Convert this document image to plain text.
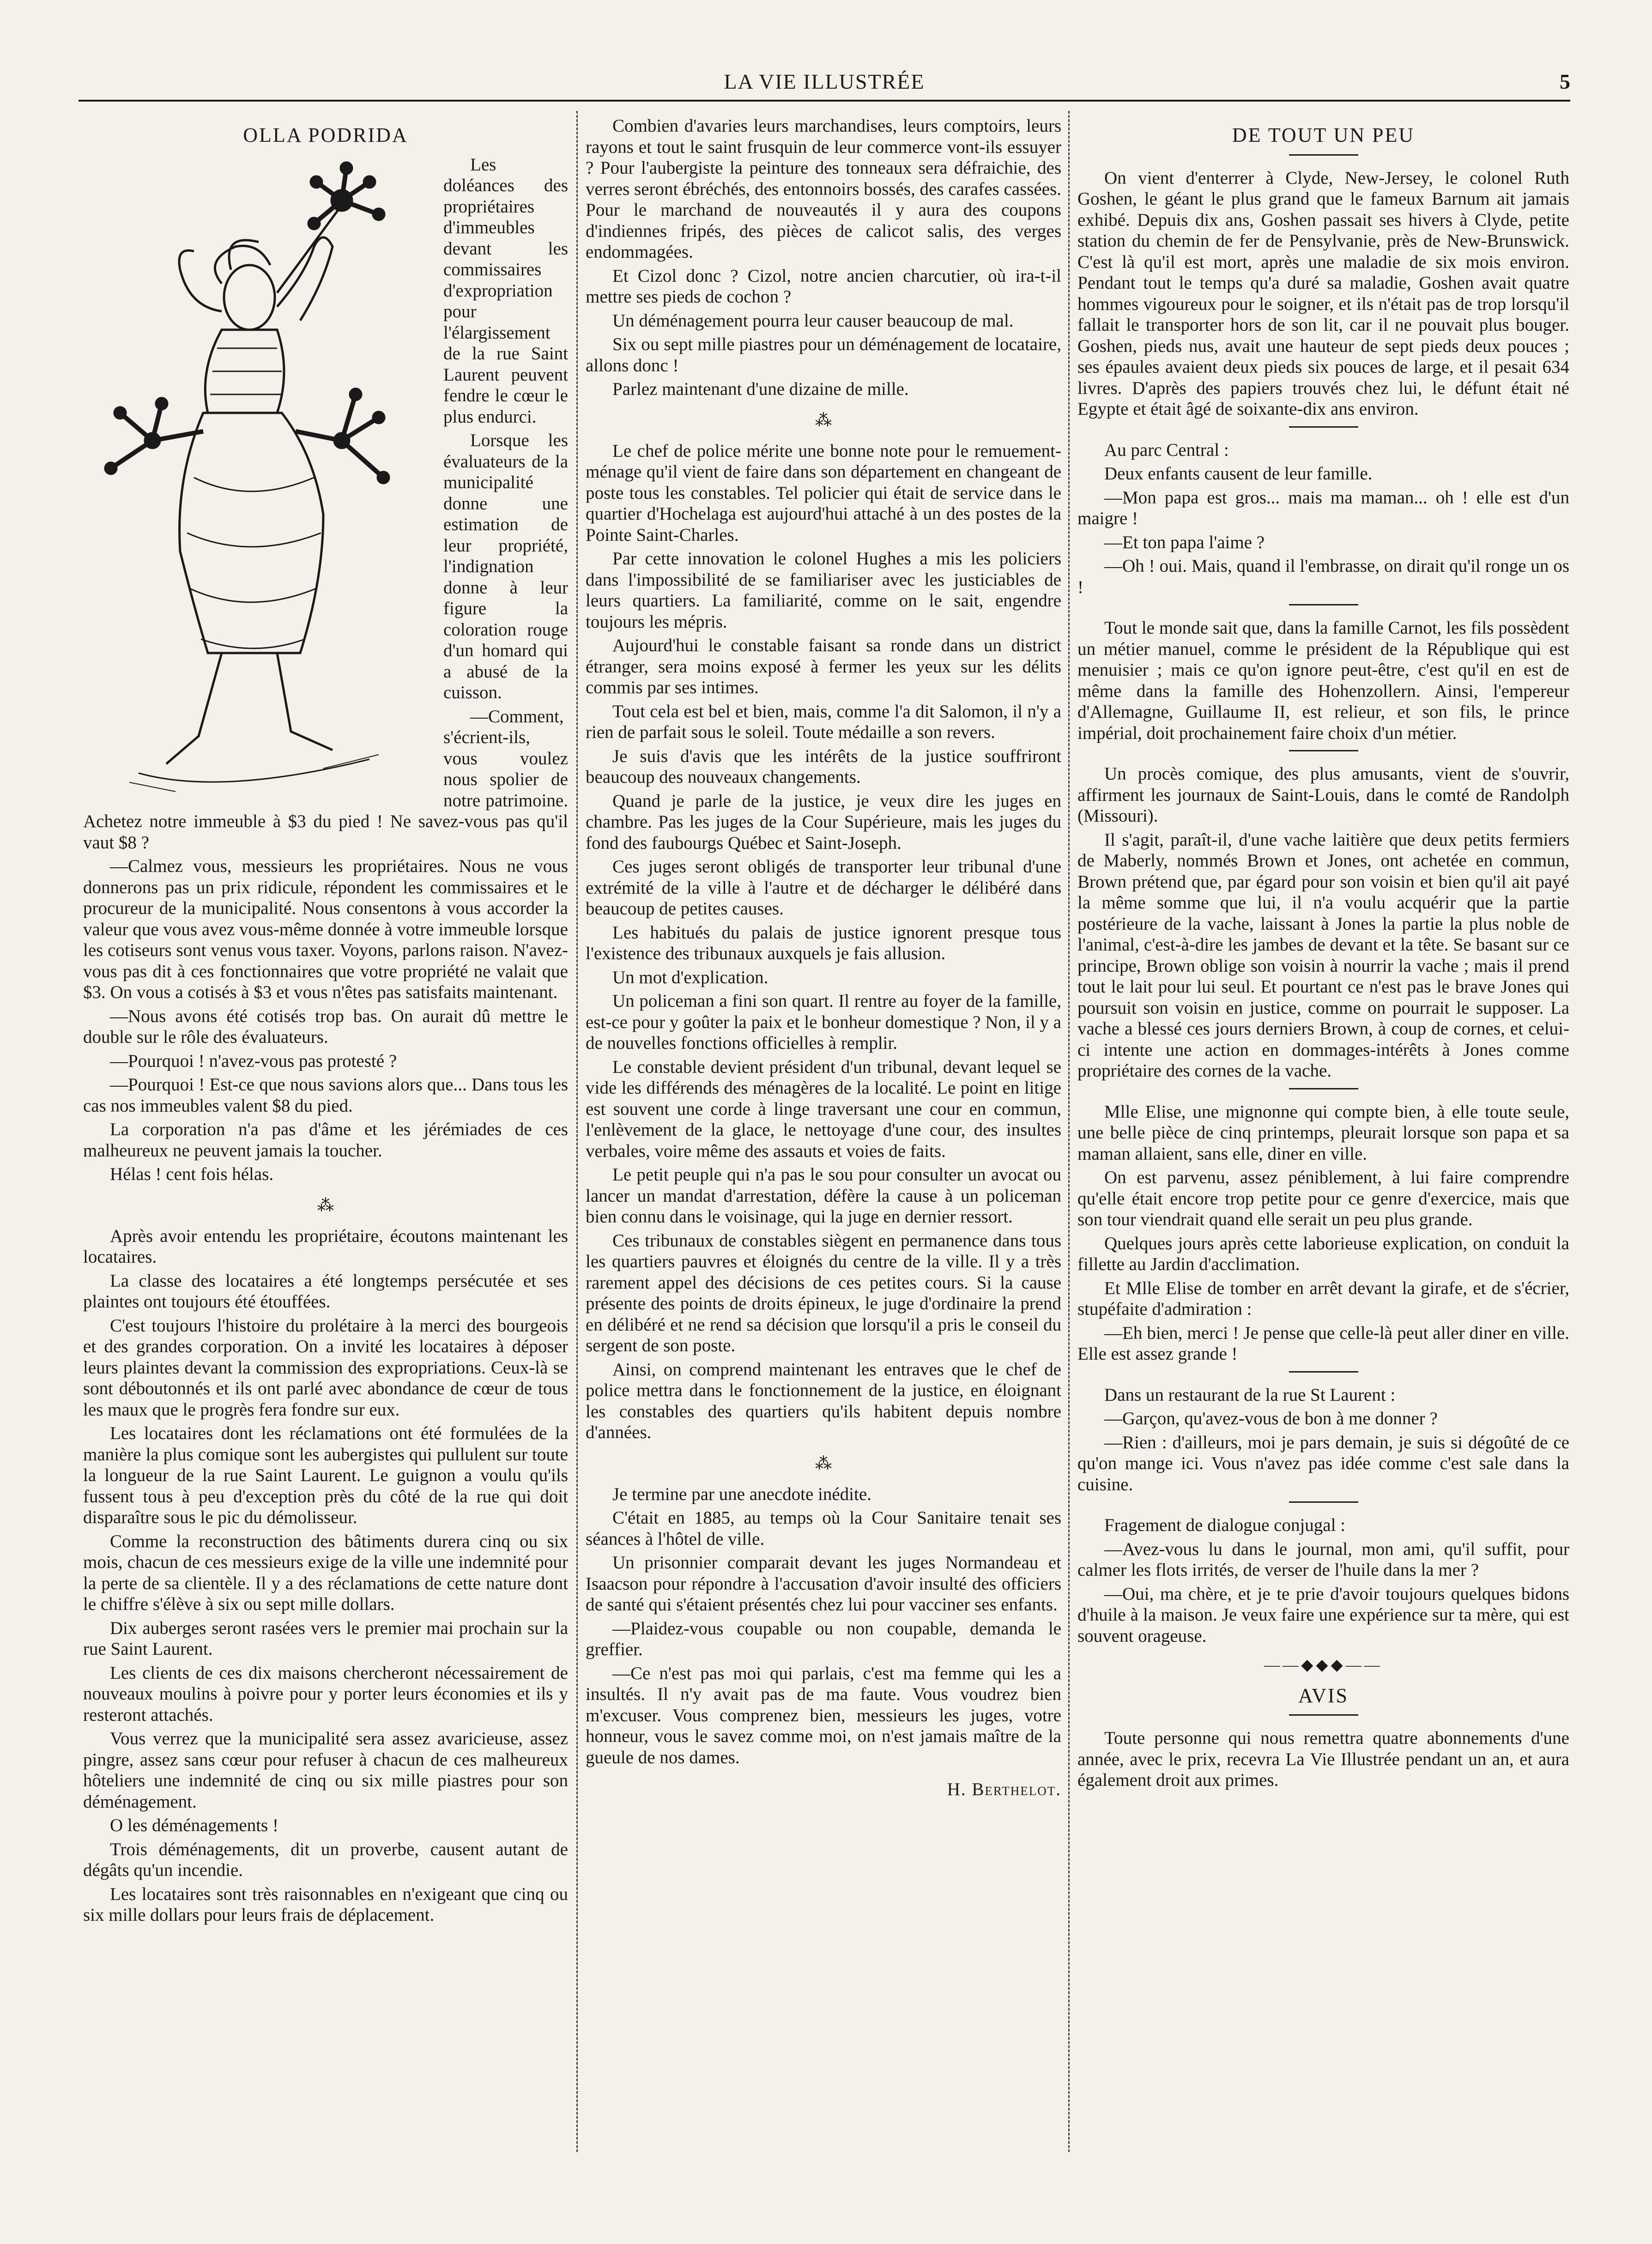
LA VIE ILLUSTRÉE	5
OLLA PODRIDA

Les doléances des propriétaires d'immeubles devant les commissaires d'expropriation pour l'élargissement de la rue Saint Laurent peuvent fendre le cœur le plus endurci.

Lorsque les évaluateurs de la municipalité donne une estimation de leur propriété, l'indignation donne à leur figure la coloration rouge d'un homard qui a abusé de la cuisson.

—Comment, s'écrient-ils, vous voulez nous spolier de notre patrimoine. Achetez notre immeuble à $3 du pied ! Ne savez-vous pas qu'il vaut $8 ?

—Calmez vous, messieurs les propriétaires. Nous ne vous donnerons pas un prix ridicule, répondent les commissaires et le procureur de la municipalité. Nous consentons à vous accorder la valeur que vous avez vous-même donnée à votre immeuble lorsque les cotiseurs sont venus vous taxer. Voyons, parlons raison. N'avez-vous pas dit à ces fonctionnaires que votre propriété ne valait que $3. On vous a cotisés à $3 et vous n'êtes pas satisfaits maintenant.

—Nous avons été cotisés trop bas. On aurait dû mettre le double sur le rôle des évaluateurs.

—Pourquoi ! n'avez-vous pas protesté ?

—Pourquoi ! Est-ce que nous savions alors que... Dans tous les cas nos immeubles valent $8 du pied.

La corporation n'a pas d'âme et les jérémiades de ces malheureux ne peuvent jamais la toucher.

Hélas ! cent fois hélas.

⁂

Après avoir entendu les propriétaire, écoutons maintenant les locataires.

La classe des locataires a été longtemps persécutée et ses plaintes ont toujours été étouffées.

C'est toujours l'histoire du prolétaire à la merci des bourgeois et des grandes corporation. On a invité les locataires à déposer leurs plaintes devant la commission des expropriations. Ceux-là se sont déboutonnés et ils ont parlé avec abondance de cœur de tous les maux que le progrès fera fondre sur eux.

Les locataires dont les réclamations ont été formulées de la manière la plus comique sont les aubergistes qui pullulent sur toute la longueur de la rue Saint Laurent. Le guignon a voulu qu'ils fussent tous à peu d'exception près du côté de la rue qui doit disparaître sous le pic du démolisseur.

Comme la reconstruction des bâtiments durera cinq ou six mois, chacun de ces messieurs exige de la ville une indemnité pour la perte de sa clientèle. Il y a des réclamations de cette nature dont le chiffre s'élève à six ou sept mille dollars.

Dix auberges seront rasées vers le premier mai prochain sur la rue Saint Laurent.

Les clients de ces dix maisons chercheront nécessairement de nouveaux moulins à poivre pour y porter leurs économies et ils y resteront attachés.

Vous verrez que la municipalité sera assez avaricieuse, assez pingre, assez sans cœur pour refuser à chacun de ces malheureux hôteliers une indemnité de cinq ou six mille piastres pour son déménagement.

O les déménagements !

Trois déménagements, dit un proverbe, causent autant de dégâts qu'un incendie.

Les locataires sont très raisonnables en n'exigeant que cinq ou six mille dollars pour leurs frais de déplacement.

Combien d'avaries leurs marchandises, leurs comptoirs, leurs rayons et tout le saint frusquin de leur commerce vont-ils essuyer ? Pour l'aubergiste la peinture des tonneaux sera défraichie, des verres seront ébréchés, des entonnoirs bossés, des carafes cassées. Pour le marchand de nouveautés il y aura des coupons d'indiennes fripés, des pièces de calicot salis, des verges endommagées.

Et Cizol donc ? Cizol, notre ancien charcutier, où ira-t-il mettre ses pieds de cochon ?

Un déménagement pourra leur causer beaucoup de mal.

Six ou sept mille piastres pour un déménagement de locataire, allons donc !

Parlez maintenant d'une dizaine de mille.

⁂

Le chef de police mérite une bonne note pour le remuement-ménage qu'il vient de faire dans son département en changeant de poste tous les constables. Tel policier qui était de service dans le quartier d'Hochelaga est aujourd'hui attaché à un des postes de la Pointe Saint-Charles.

Par cette innovation le colonel Hughes a mis les policiers dans l'impossibilité de se familiariser avec les justiciables de leurs quartiers. La familiarité, comme on le sait, engendre toujours les mépris.

Aujourd'hui le constable faisant sa ronde dans un district étranger, sera moins exposé à fermer les yeux sur les délits commis par ses intimes.

Tout cela est bel et bien, mais, comme l'a dit Salomon, il n'y a rien de parfait sous le soleil. Toute médaille a son revers.

Je suis d'avis que les intérêts de la justice souffriront beaucoup des nouveaux changements.

Quand je parle de la justice, je veux dire les juges en chambre. Pas les juges de la Cour Supérieure, mais les juges du fond des faubourgs Québec et Saint-Joseph.

Ces juges seront obligés de transporter leur tribunal d'une extrémité de la ville à l'autre et de décharger le délibéré dans beaucoup de petites causes.

Les habitués du palais de justice ignorent presque tous l'existence des tribunaux auxquels je fais allusion.

Un mot d'explication.

Un policeman a fini son quart. Il rentre au foyer de la famille, est-ce pour y goûter la paix et le bonheur domestique ? Non, il y a de nouvelles fonctions officielles à remplir.

Le constable devient président d'un tribunal, devant lequel se vide les différends des ménagères de la localité. Le point en litige est souvent une corde à linge traversant une cour en commun, l'enlèvement de la glace, le nettoyage d'une cour, des insultes verbales, voire même des assauts et voies de faits.

Le petit peuple qui n'a pas le sou pour consulter un avocat ou lancer un mandat d'arrestation, défère la cause à un policeman bien connu dans le voisinage, qui la juge en dernier ressort.

Ces tribunaux de constables siègent en permanence dans tous les quartiers pauvres et éloignés du centre de la ville. Il y a très rarement appel des décisions de ces petites cours. Si la cause présente des points de droits épineux, le juge d'ordinaire la prend en délibéré et ne rend sa décision que lorsqu'il a pris le conseil du sergent de son poste.

Ainsi, on comprend maintenant les entraves que le chef de police mettra dans le fonctionnement de la justice, en éloignant les constables des quartiers qu'ils habitent depuis nombre d'années.

⁂

Je termine par une anecdote inédite.

C'était en 1885, au temps où la Cour Sanitaire tenait ses séances à l'hôtel de ville.

Un prisonnier comparait devant les juges Normandeau et Isaacson pour répondre à l'accusation d'avoir insulté des officiers de santé qui s'étaient présentés chez lui pour vacciner ses enfants.

—Plaidez-vous coupable ou non coupable, demanda le greffier.

—Ce n'est pas moi qui parlais, c'est ma femme qui les a insultés. Il n'y avait pas de ma faute. Vous voudrez bien m'excuser. Vous comprenez bien, messieurs les juges, votre honneur, vous le savez comme moi, on n'est jamais maître de la gueule de nos dames.

H. Berthelot.
DE TOUT UN PEU

On vient d'enterrer à Clyde, New-Jersey, le colonel Ruth Goshen, le géant le plus grand que le fameux Barnum ait jamais exhibé. Depuis dix ans, Goshen passait ses hivers à Clyde, petite station du chemin de fer de Pensylvanie, près de New-Brunswick. C'est là qu'il est mort, après une maladie de six mois environ. Pendant tout le temps qu'a duré sa maladie, Goshen avait quatre hommes vigoureux pour le soigner, et ils n'était pas de trop lorsqu'il fallait le transporter hors de son lit, car il ne pouvait plus bouger. Goshen, pieds nus, avait une hauteur de sept pieds deux pouces ; ses épaules avaient deux pieds six pouces de large, et il pesait 634 livres. D'après des papiers trouvés chez lui, le défunt était né Egypte et était âgé de soixante-dix ans environ.

Au parc Central :

Deux enfants causent de leur famille.

—Mon papa est gros... mais ma maman... oh ! elle est d'un maigre !

—Et ton papa l'aime ?

—Oh ! oui. Mais, quand il l'embrasse, on dirait qu'il ronge un os !

Tout le monde sait que, dans la famille Carnot, les fils possèdent un métier manuel, comme le président de la République qui est menuisier ; mais ce qu'on ignore peut-être, c'est qu'il en est de même dans la famille des Hohenzollern. Ainsi, l'empereur d'Allemagne, Guillaume II, est relieur, et son fils, le prince impérial, doit prochainement faire choix d'un métier.

Un procès comique, des plus amusants, vient de s'ouvrir, affirment les journaux de Saint-Louis, dans le comté de Randolph (Missouri).

Il s'agit, paraît-il, d'une vache laitière que deux petits fermiers de Maberly, nommés Brown et Jones, ont achetée en commun, Brown prétend que, par égard pour son voisin et bien qu'il ait payé la même somme que lui, il n'a voulu acquérir que la partie postérieure de la vache, laissant à Jones la partie la plus noble de l'animal, c'est-à-dire les jambes de devant et la tête. Se basant sur ce principe, Brown oblige son voisin à nourrir la vache ; mais il prend tout le lait pour lui seul. Et pourtant ce n'est pas le brave Jones qui poursuit son voisin en justice, comme on pourrait le supposer. La vache a blessé ces jours derniers Brown, à coup de cornes, et celui-ci intente une action en dommages-intérêts à Jones comme propriétaire des cornes de la vache.

Mlle Elise, une mignonne qui compte bien, à elle toute seule, une belle pièce de cinq printemps, pleurait lorsque son papa et sa maman allaient, sans elle, diner en ville.

On est parvenu, assez péniblement, à lui faire comprendre qu'elle était encore trop petite pour ce genre d'exercice, mais que son tour viendrait quand elle serait un peu plus grande.

Quelques jours après cette laborieuse explication, on conduit la fillette au Jardin d'acclimation.

Et Mlle Elise de tomber en arrêt devant la girafe, et de s'écrier, stupéfaite d'admiration :

—Eh bien, merci ! Je pense que celle-là peut aller diner en ville. Elle est assez grande !

Dans un restaurant de la rue St Laurent :

—Garçon, qu'avez-vous de bon à me donner ?

—Rien : d'ailleurs, moi je pars demain, je suis si dégoûté de ce qu'on mange ici. Vous n'avez pas idée comme c'est sale dans la cuisine.

Fragement de dialogue conjugal :

—Avez-vous lu dans le journal, mon ami, qu'il suffit, pour calmer les flots irrités, de verser de l'huile dans la mer ?

—Oui, ma chère, et je te prie d'avoir toujours quelques bidons d'huile à la maison. Je veux faire une expérience sur ta mère, qui est souvent orageuse.

——◆◆◆——
AVIS

Toute personne qui nous remettra quatre abonnements d'une année, avec le prix, recevra La Vie Illustrée pendant un an, et aura également droit aux primes.
